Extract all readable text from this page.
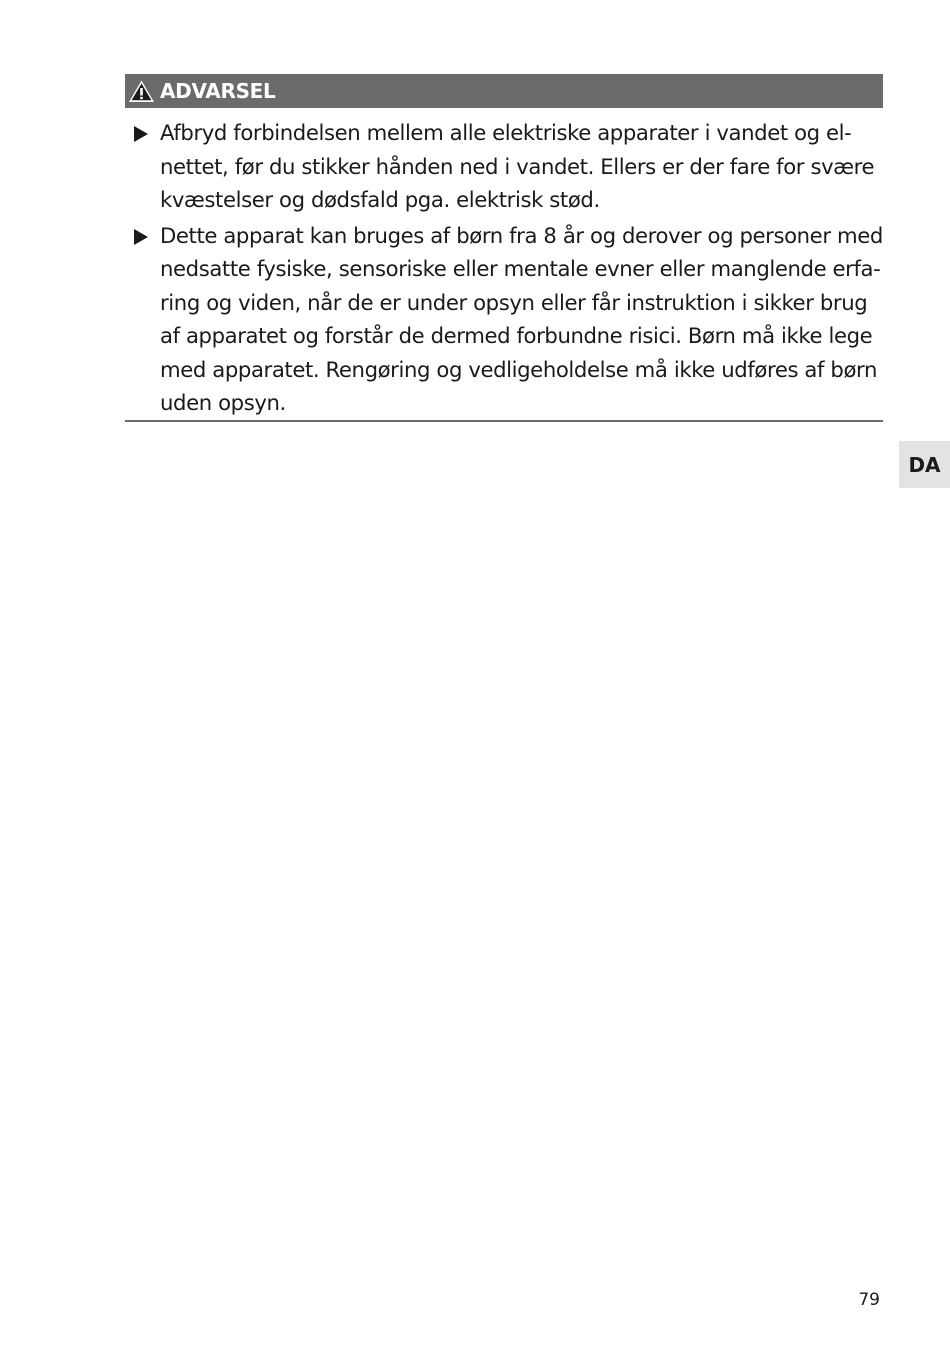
ADVARSEL
Afbryd forbindelsen mellem alle elektriske apparater i vandet og el-
nettet, før du stikker hånden ned i vandet. Ellers er der fare for svære
kvæstelser og dødsfald pga. elektrisk stød.
Dette apparat kan bruges af børn fra 8 år og derover og personer med
nedsatte fysiske, sensoriske eller mentale evner eller manglende erfa-
ring og viden, når de er under opsyn eller får instruktion i sikker brug
af apparatet og forstår de dermed forbundne risici. Børn må ikke lege
med apparatet. Rengøring og vedligeholdelse må ikke udføres af børn
uden opsyn.
DA
79
